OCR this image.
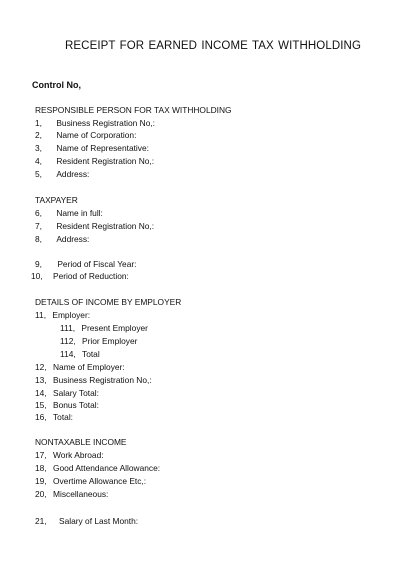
RECEIPT FOR EARNED INCOME TAX WITHHOLDING
Control No,
RESPONSIBLE PERSON FOR TAX WITHHOLDING
1, Business Registration No,:
2, Name of Corporation:
3, Name of Representative:
4, Resident Registration No,:
5, Address:
TAXPAYER
6, Name in full:
7, Resident Registration No,:
8, Address:
9, Period of Fiscal Year:
10, Period of Reduction:
DETAILS OF INCOME BY EMPLOYER
11, Employer:
111, Present Employer
112, Prior Employer
114, Total
12, Name of Employer:
13, Business Registration No,:
14, Salary Total:
15, Bonus Total:
16, Total:
NONTAXABLE INCOME
17, Work Abroad:
18, Good Attendance Allowance:
19, Overtime Allowance Etc,:
20, Miscellaneous:
21, Salary of Last Month:
